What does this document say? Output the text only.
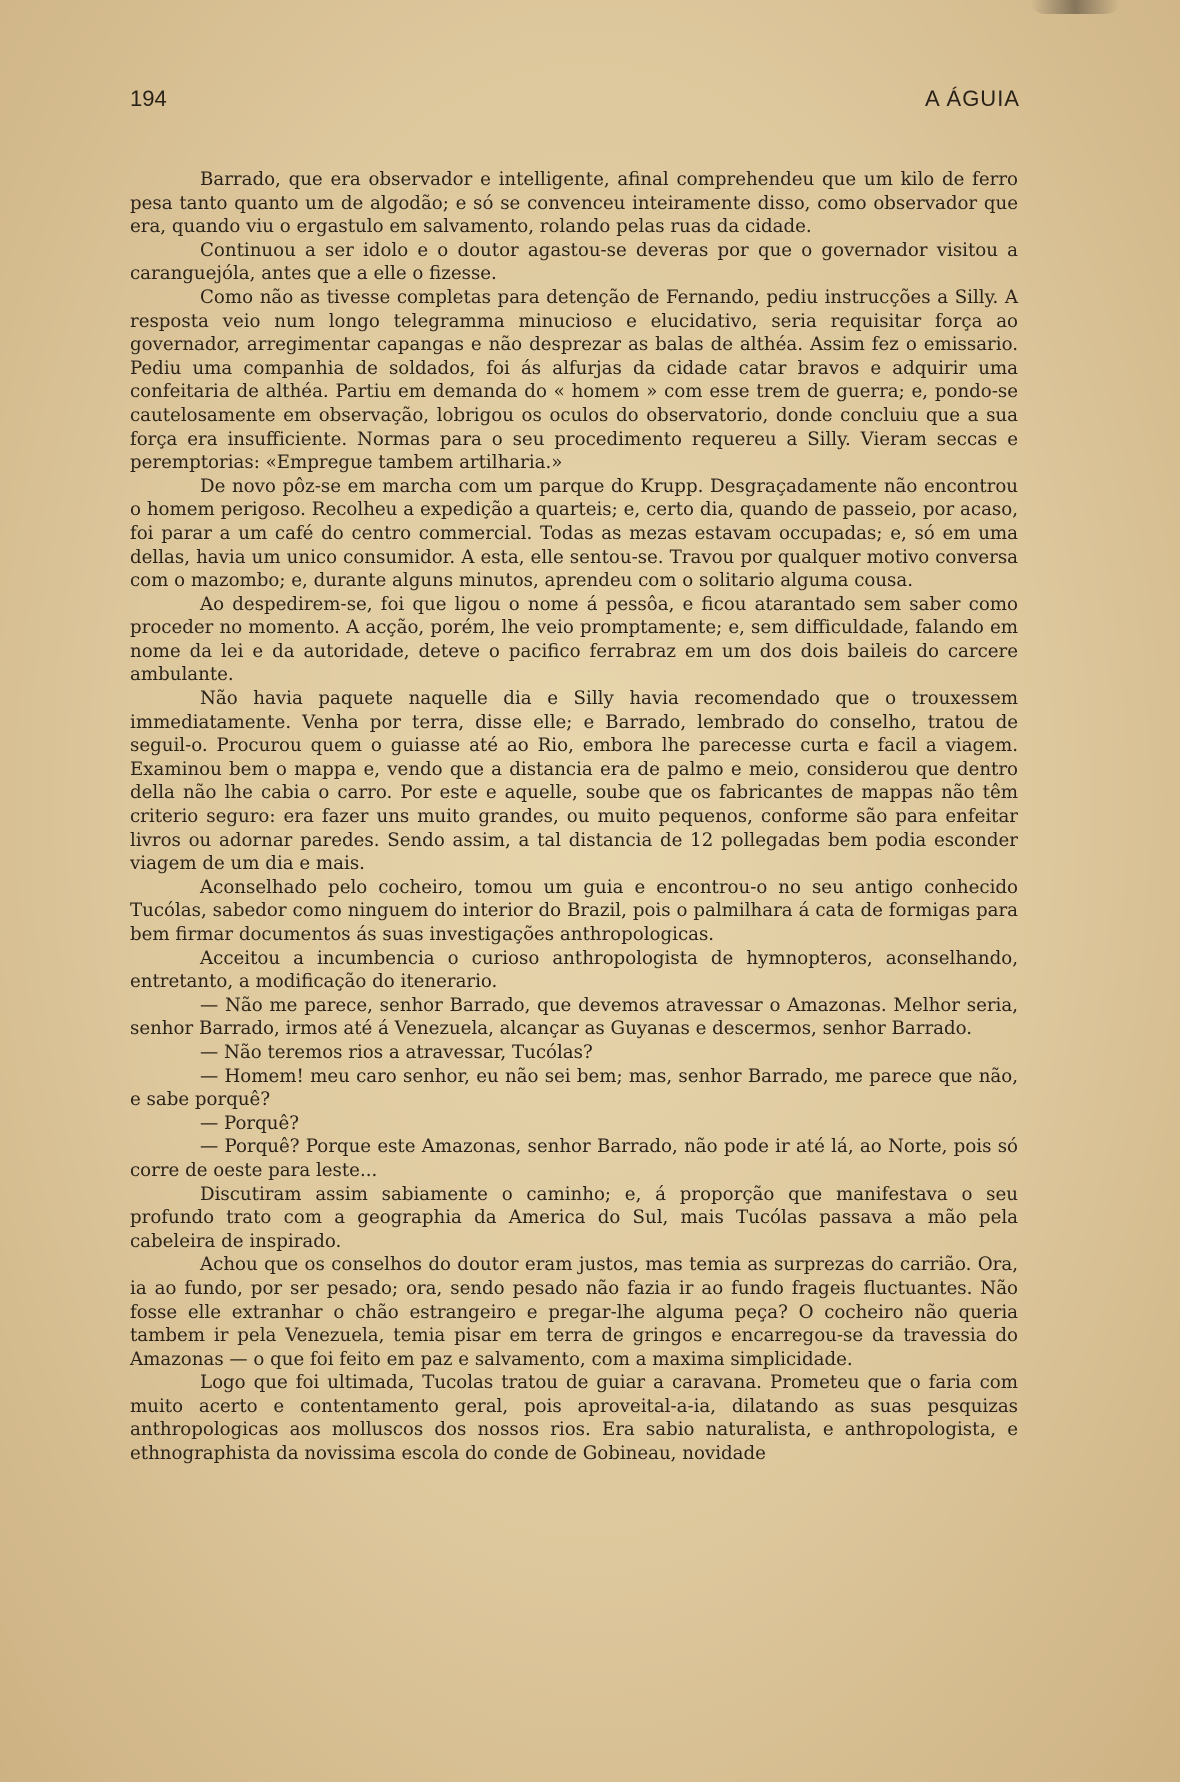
194	A ÁGUIA

Barrado, que era observador e intelligente, afinal comprehendeu que um kilo de ferro pesa tanto quanto um de algodão; e só se convenceu inteiramente disso, como observador que era, quando viu o ergastulo em salvamento, rolando pelas ruas da cidade.

Continuou a ser idolo e o doutor agastou-se deveras por que o governador visitou a caranguejóla, antes que a elle o fizesse.

Como não as tivesse completas para detenção de Fernando, pediu instrucções a Silly. A resposta veio num longo telegramma minucioso e elucidativo, seria requisitar força ao governador, arregimentar capangas e não desprezar as balas de althéa. Assim fez o emissario. Pediu uma companhia de soldados, foi ás alfurjas da cidade catar bravos e adquirir uma confeitaria de althéa. Partiu em demanda do « homem » com esse trem de guerra; e, pondo-se cautelosamente em observação, lobrigou os oculos do observatorio, donde concluiu que a sua força era insufficiente. Normas para o seu procedimento requereu a Silly. Vieram seccas e peremptorias: «Empregue tambem artilharia.»

De novo pôz-se em marcha com um parque do Krupp. Desgraçadamente não encontrou o homem perigoso. Recolheu a expedição a quarteis; e, certo dia, quando de passeio, por acaso, foi parar a um café do centro commercial. Todas as mezas estavam occupadas; e, só em uma dellas, havia um unico consumidor. A esta, elle sentou-se. Travou por qualquer motivo conversa com o mazombo; e, durante alguns minutos, aprendeu com o solitario alguma cousa.

Ao despedirem-se, foi que ligou o nome á pessôa, e ficou atarantado sem saber como proceder no momento. A acção, porém, lhe veio promptamente; e, sem difficuldade, falando em nome da lei e da autoridade, deteve o pacifico ferrabraz em um dos dois baileis do carcere ambulante.

Não havia paquete naquelle dia e Silly havia recomendado que o trouxessem immediatamente. Venha por terra, disse elle; e Barrado, lembrado do conselho, tratou de seguil-o. Procurou quem o guiasse até ao Rio, embora lhe parecesse curta e facil a viagem. Examinou bem o mappa e, vendo que a distancia era de palmo e meio, considerou que dentro della não lhe cabia o carro. Por este e aquelle, soube que os fabricantes de mappas não têm criterio seguro: era fazer uns muito grandes, ou muito pequenos, conforme são para enfeitar livros ou adornar paredes. Sendo assim, a tal distancia de 12 pollegadas bem podia esconder viagem de um dia e mais.

Aconselhado pelo cocheiro, tomou um guia e encontrou-o no seu antigo conhecido Tucólas, sabedor como ninguem do interior do Brazil, pois o palmilhara á cata de formigas para bem firmar documentos ás suas investigações anthropologicas.

Acceitou a incumbencia o curioso anthropologista de hymnopteros, aconselhando, entretanto, a modificação do itenerario.

— Não me parece, senhor Barrado, que devemos atravessar o Amazonas. Melhor seria, senhor Barrado, irmos até á Venezuela, alcançar as Guyanas e descermos, senhor Barrado.

— Não teremos rios a atravessar, Tucólas?

— Homem! meu caro senhor, eu não sei bem; mas, senhor Barrado, me parece que não, e sabe porquê?

— Porquê?

— Porquê? Porque este Amazonas, senhor Barrado, não pode ir até lá, ao Norte, pois só corre de oeste para leste...

Discutiram assim sabiamente o caminho; e, á proporção que manifestava o seu profundo trato com a geographia da America do Sul, mais Tucólas passava a mão pela cabeleira de inspirado.

Achou que os conselhos do doutor eram justos, mas temia as surprezas do carrião. Ora, ia ao fundo, por ser pesado; ora, sendo pesado não fazia ir ao fundo frageis fluctuantes. Não fosse elle extranhar o chão estrangeiro e pregar-lhe alguma peça? O cocheiro não queria tambem ir pela Venezuela, temia pisar em terra de gringos e encarregou-se da travessia do Amazonas — o que foi feito em paz e salvamento, com a maxima simplicidade.

Logo que foi ultimada, Tucolas tratou de guiar a caravana. Prometeu que o faria com muito acerto e contentamento geral, pois aproveital-a-ia, dilatando as suas pesquizas anthropologicas aos molluscos dos nossos rios. Era sabio naturalista, e anthropologista, e ethnographista da novissima escola do conde de Gobineau, novidade
